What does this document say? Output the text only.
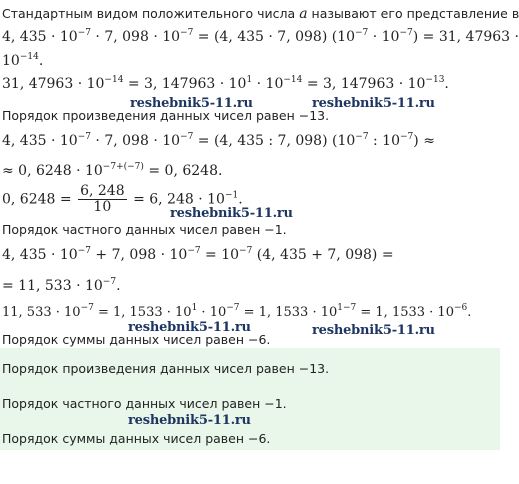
Стандартным видом положительного числа a называют его представление в
4, $435 \cdot 10^{-7} \cdot 7$, $098 \cdot 10^{-7} = (4$, 435 · 7, 098) $(10^{-7} \cdot 10^{-7}) = 31$, 47963 ·
$10^{-14}$.
31, $47963 \cdot 10^{-14} = 3$, $147963 \cdot 10^1 \cdot 10^{-14} = 3$, $147963 \cdot 10^{-13}$.
reshebnik5-11.ru	reshebnik5-11.ru
Порядок произведения данных чисел равен −13.
4, $435 \cdot 10^{-7} \cdot 7$, $098 \cdot 10^{-7} = (4$, 435 : 7, 098) ($10^{-7}$ : $10^{-7}$) ≈
≈ 0, $6248 \cdot 10^{-7+(-7)} = 0$, 6248.
0, $6248 = \frac{6, 248}{10} = 6$, $248 \cdot 10^{-1}$.
reshebnik5-11.ru
Порядок частного данных чисел равен −1.
4, $435 \cdot 10^{-7} + 7$, $098 \cdot 10^{-7} = 10^{-7}$ (4, 435 + 7, 098) =
= 11, $533 \cdot 10^{-7}$.
11, $533 \cdot 10^{-7} = 1$, $1533 \cdot 10^1 \cdot 10^{-7} = 1$, $1533 \cdot 10^{1-7} = 1$, $1533 \cdot 10^{-6}$.
reshebnik5-11.ru	reshebnik5-11.ru
Порядок суммы данных чисел равен −6.
Порядок произведения данных чисел равен −13.
Порядок частного данных чисел равен −1.
reshebnik5-11.ru
Порядок суммы данных чисел равен −6.
